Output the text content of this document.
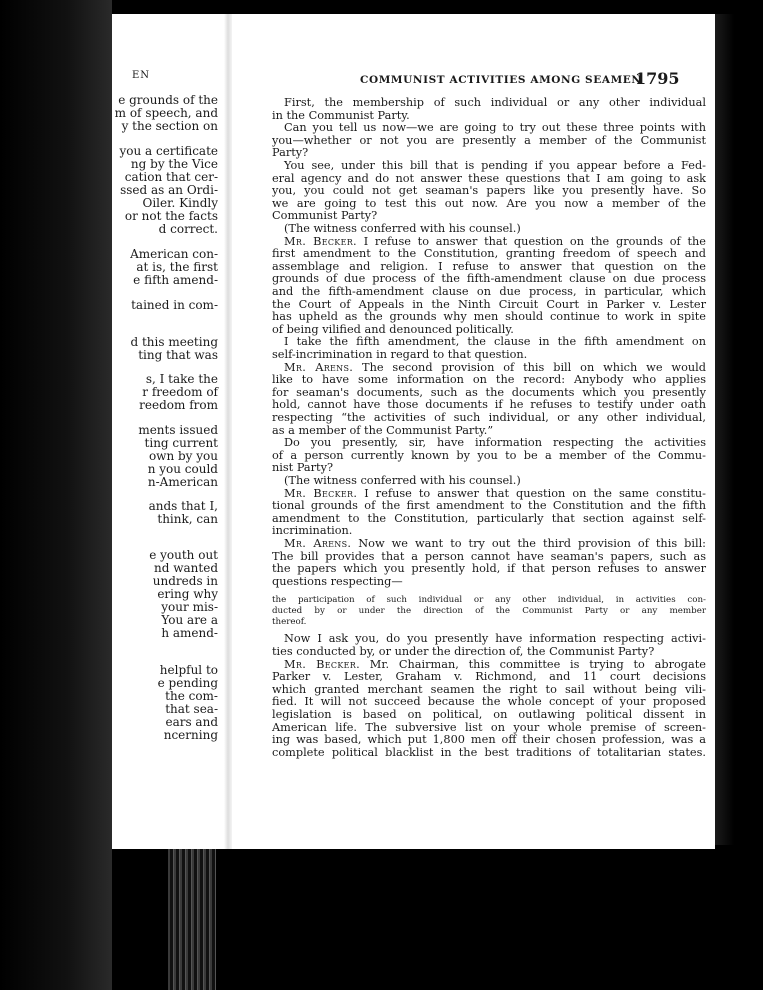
EN
e grounds of the
m of speech, and
y the section on
you a certificate
ng by the Vice
cation that cer-
ssed as an Ordi-
Oiler. Kindly
or not the facts
d correct.
American con-
at is, the first
e fifth amend-
tained in com-
d this meeting
ting that was
s, I take the
r freedom of
reedom from
ments issued
ting current
own by you
n you could
n-American
ands that I,
think, can
e youth out
nd wanted
undreds in
ering why
your mis-
You are a
h amend-
helpful to
e pending
the com-
that sea-
ears and
ncerning
COMMUNIST ACTIVITIES AMONG SEAMEN
1795
First, the membership of such individual or any other individual
in the Communist Party.
Can you tell us now—we are going to try out these three points with
you—whether or not you are presently a member of the Communist
Party?
You see, under this bill that is pending if you appear before a Fed-
eral agency and do not answer these questions that I am going to ask
you, you could not get seaman's papers like you presently have. So
we are going to test this out now. Are you now a member of the
Communist Party?
(The witness conferred with his counsel.)
Mr. Becker. I refuse to answer that question on the grounds of the
first amendment to the Constitution, granting freedom of speech and
assemblage and religion. I refuse to answer that question on the
grounds of due process of the fifth-amendment clause on due process
and the fifth-amendment clause on due process, in particular, which
the Court of Appeals in the Ninth Circuit Court in Parker v. Lester
has upheld as the grounds why men should continue to work in spite
of being vilified and denounced politically.
I take the fifth amendment, the clause in the fifth amendment on
self-incrimination in regard to that question.
Mr. Arens. The second provision of this bill on which we would
like to have some information on the record: Anybody who applies
for seaman's documents, such as the documents which you presently
hold, cannot have those documents if he refuses to testify under oath
respecting “the activities of such individual, or any other individual,
as a member of the Communist Party.”
Do you presently, sir, have information respecting the activities
of a person currently known by you to be a member of the Commu-
nist Party?
(The witness conferred with his counsel.)
Mr. Becker. I refuse to answer that question on the same constitu-
tional grounds of the first amendment to the Constitution and the fifth
amendment to the Constitution, particularly that section against self-
incrimination.
Mr. Arens. Now we want to try out the third provision of this bill:
The bill provides that a person cannot have seaman's papers, such as
the papers which you presently hold, if that person refuses to answer
questions respecting—
the participation of such individual or any other individual, in activities con-
ducted by or under the direction of the Communist Party or any member
thereof.
Now I ask you, do you presently have information respecting activi-
ties conducted by, or under the direction of, the Communist Party?
Mr. Becker. Mr. Chairman, this committee is trying to abrogate
Parker v. Lester, Graham v. Richmond, and 11 court decisions
which granted merchant seamen the right to sail without being vili-
fied. It will not succeed because the whole concept of your proposed
legislation is based on political, on outlawing political dissent in
American life. The subversive list on your whole premise of screen-
ing was based, which put 1,800 men off their chosen profession, was a
complete political blacklist in the best traditions of totalitarian states.
